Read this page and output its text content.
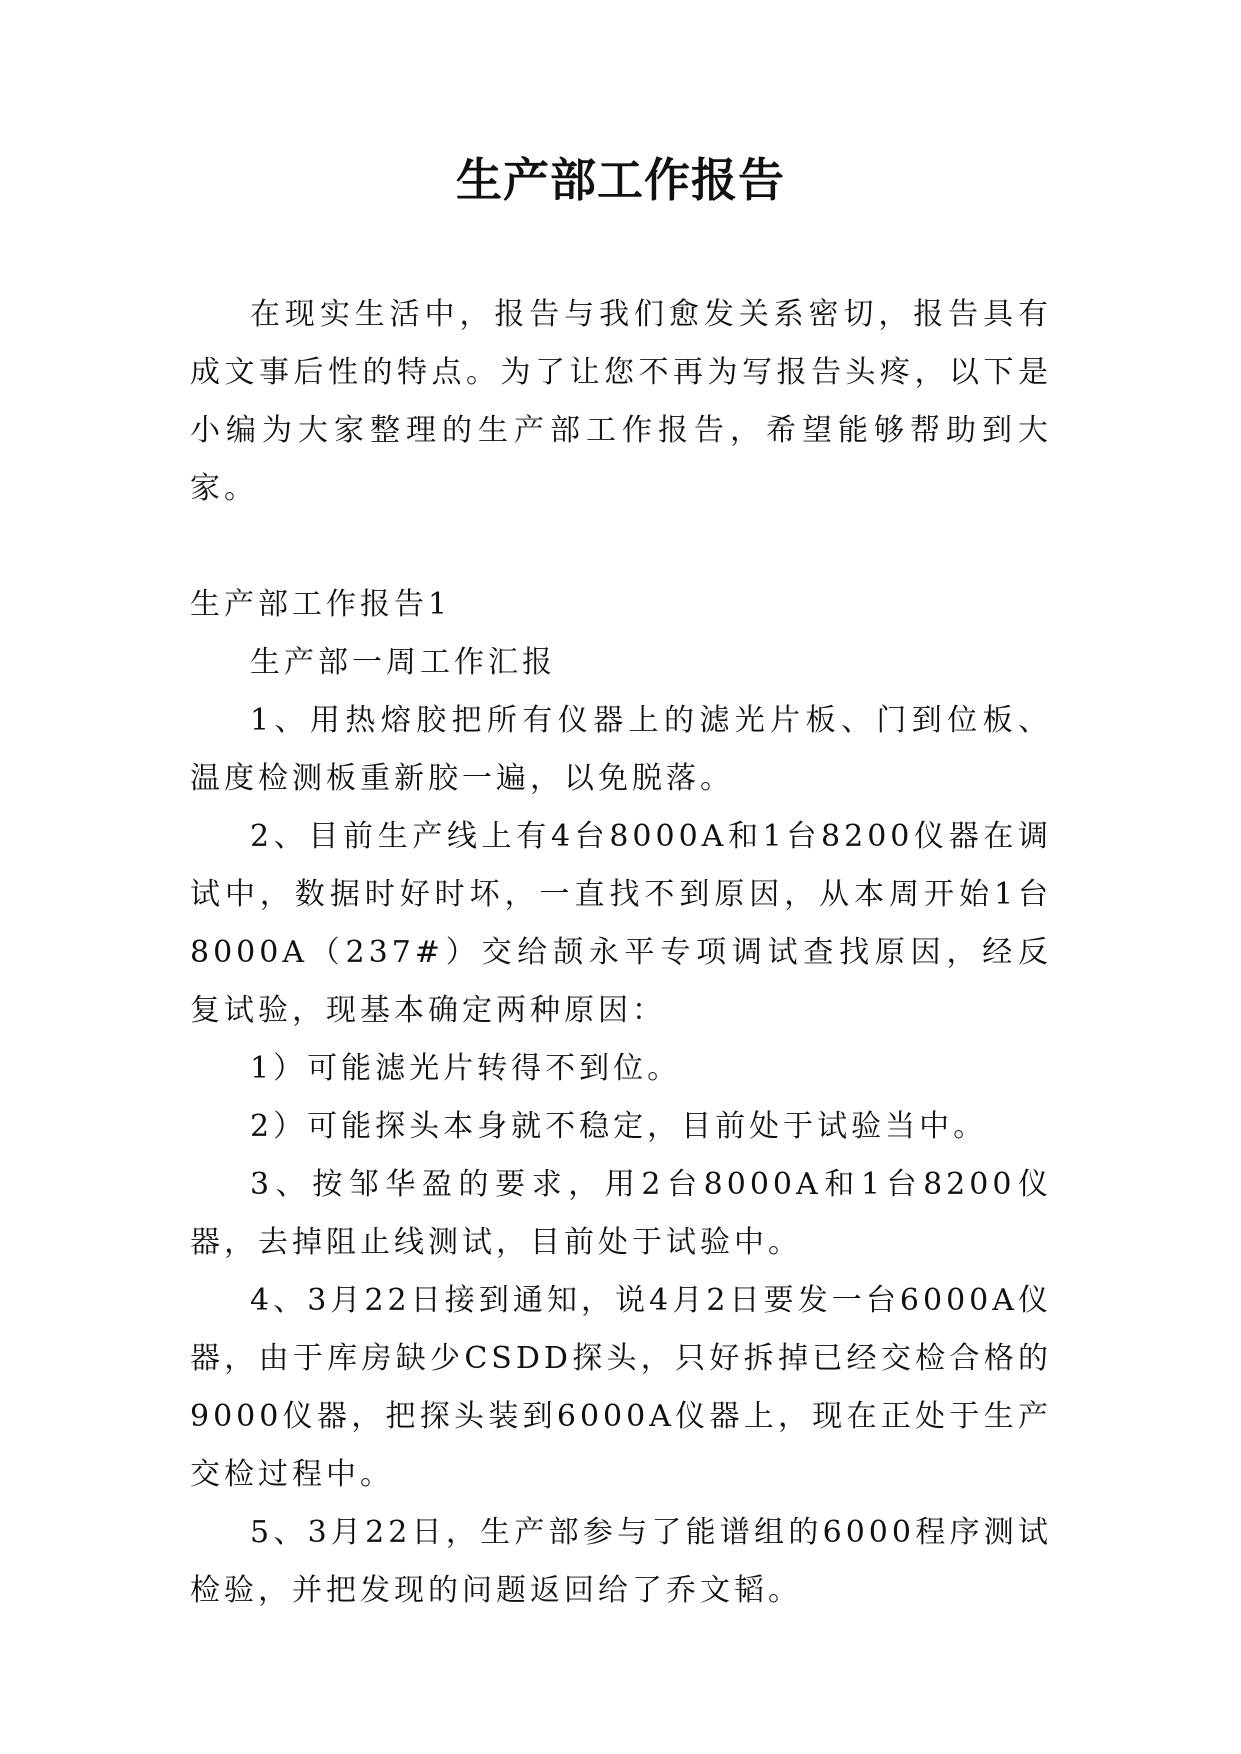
生产部工作报告

在现实生活中，报告与我们愈发关系密切，报告具有成文事后性的特点。为了让您不再为写报告头疼，以下是小编为大家整理的生产部工作报告，希望能够帮助到大家。

生产部工作报告1

生产部一周工作汇报

1、用热熔胶把所有仪器上的滤光片板、门到位板、温度检测板重新胶一遍，以免脱落。

2、目前生产线上有4台8000A和1台8200仪器在调试中，数据时好时坏，一直找不到原因，从本周开始1台8000A（237#）交给颉永平专项调试查找原因，经反复试验，现基本确定两种原因：

1）可能滤光片转得不到位。

2）可能探头本身就不稳定，目前处于试验当中。

3、按邹华盈的要求，用2台8000A和1台8200仪器，去掉阻止线测试，目前处于试验中。

4、3月22日接到通知，说4月2日要发一台6000A仪器，由于库房缺少CSDD探头，只好拆掉已经交检合格的9000仪器，把探头装到6000A仪器上，现在正处于生产交检过程中。

5、3月22日，生产部参与了能谱组的6000程序测试检验，并把发现的问题返回给了乔文韬。
